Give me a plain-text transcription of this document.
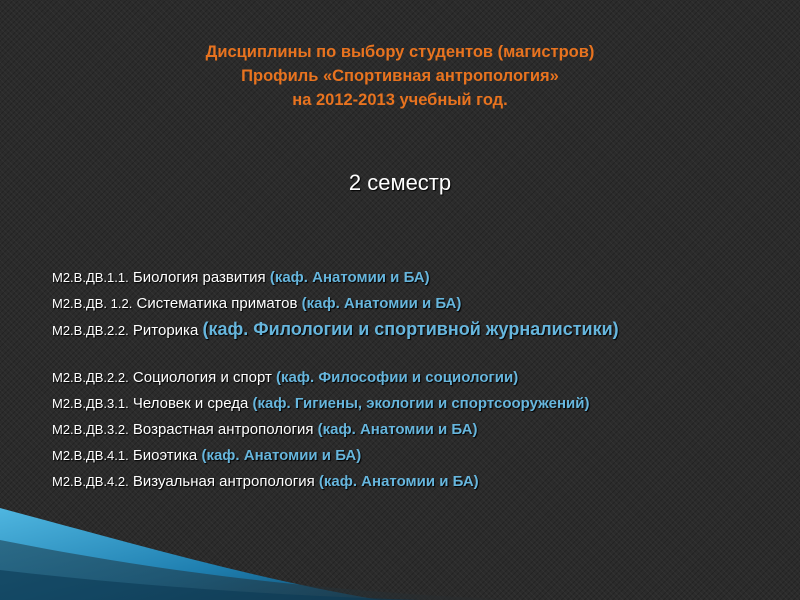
Дисциплины по выбору студентов (магистров)
Профиль «Спортивная антропология»
на 2012-2013 учебный год.
2 семестр
М2.В.ДВ.1.1. Биология развития (каф. Анатомии и БА)
М2.В.ДВ. 1.2. Систематика приматов (каф. Анатомии и БА)
М2.В.ДВ.2.2. Риторика (каф. Филологии и спортивной журналистики)
М2.В.ДВ.2.2. Социология и спорт (каф. Философии и социологии)
М2.В.ДВ.3.1. Человек и среда (каф. Гигиены, экологии и спортсооружений)
М2.В.ДВ.3.2. Возрастная антропология (каф. Анатомии и БА)
М2.В.ДВ.4.1. Биоэтика (каф. Анатомии и БА)
М2.В.ДВ.4.2. Визуальная антропология (каф. Анатомии и БА)
